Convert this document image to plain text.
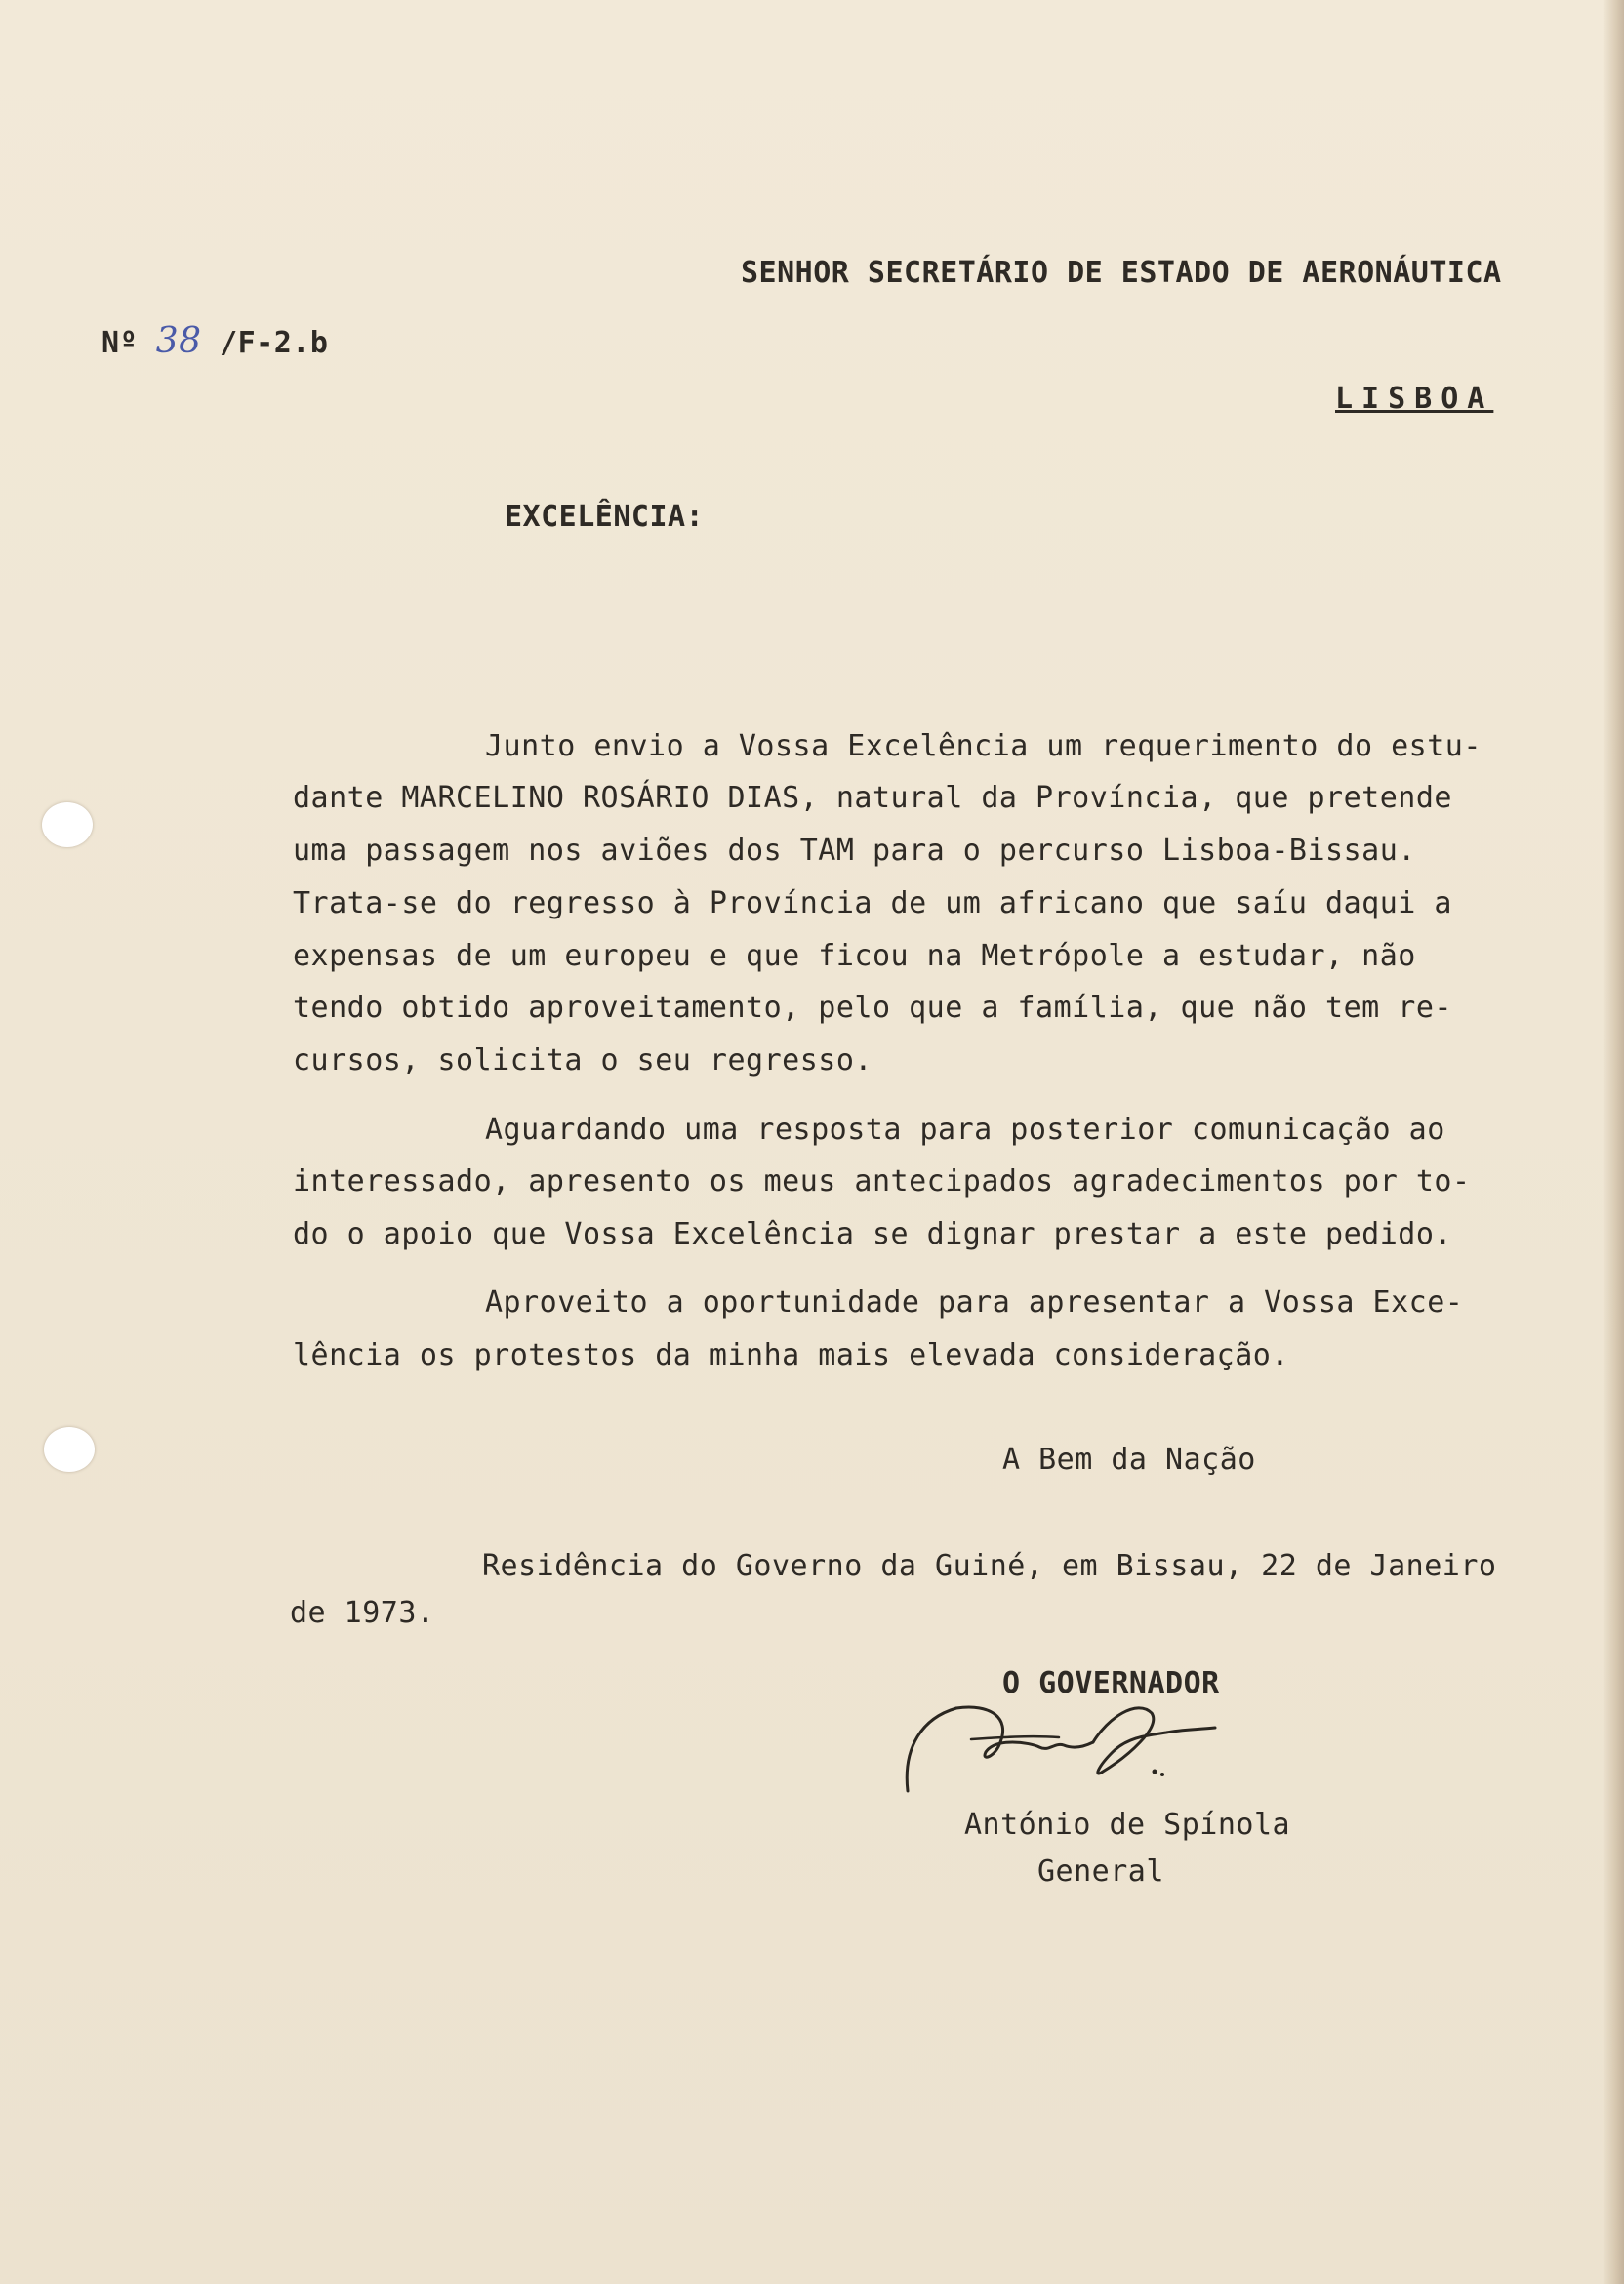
SENHOR SECRETÁRIO DE ESTADO DE AERONÁUTICA
Nº 38 /F-2.b
LISBOA
EXCELÊNCIA:
Junto envio a Vossa Excelência um requerimento do estu-
dante MARCELINO ROSÁRIO DIAS, natural da Província, que pretende
uma passagem nos aviões dos TAM para o percurso Lisboa-Bissau.
Trata-se do regresso à Província de um africano que saíu daqui a
expensas de um europeu e que ficou na Metrópole a estudar, não
tendo obtido aproveitamento, pelo que a família, que não tem re-
cursos, solicita o seu regresso.
Aguardando uma resposta para posterior comunicação ao
interessado, apresento os meus antecipados agradecimentos por to-
do o apoio que Vossa Excelência se dignar prestar a este pedido.
Aproveito a oportunidade para apresentar a Vossa Exce-
lência os protestos da minha mais elevada consideração.
A Bem da Nação
Residência do Governo da Guiné, em Bissau, 22 de Janeiro
de 1973.
O GOVERNADOR
António de Spínola
General
